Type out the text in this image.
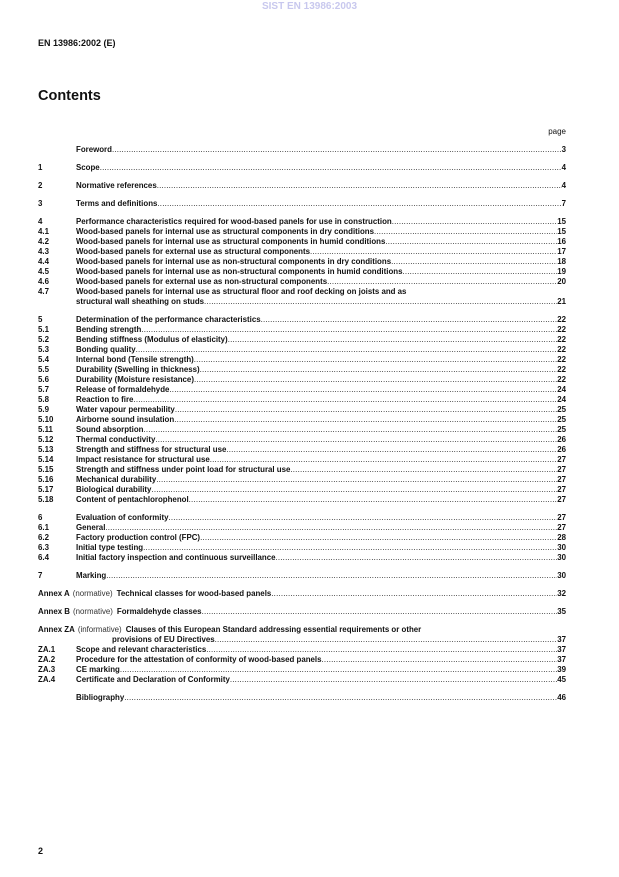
SIST EN 13986:2003
EN 13986:2002 (E)
Contents
page
Foreword .....	3
1	Scope .....	4
2	Normative references .....	4
3	Terms and definitions .....	7
4	Performance characteristics required for wood-based panels for use in construction .....	15
4.1	Wood-based panels for internal use as structural components in dry conditions .....	15
4.2	Wood-based panels for internal use as structural components in humid conditions .....	16
4.3	Wood-based panels for external use as structural components .....	17
4.4	Wood-based panels for internal use as non-structural components in dry conditions .....	18
4.5	Wood-based panels for internal use as non-structural components in humid conditions .....	19
4.6	Wood-based panels for external use as non-structural components .....	20
4.7	Wood-based panels for internal use as structural floor and roof decking on joists and as
structural wall sheathing on studs .....	21
5	Determination of the performance characteristics .....	22
5.1	Bending strength .....	22
5.2	Bending stiffness (Modulus of elasticity) .....	22
5.3	Bonding quality .....	22
5.4	Internal bond (Tensile strength) .....	22
5.5	Durability (Swelling in thickness) .....	22
5.6	Durability (Moisture resistance) .....	22
5.7	Release of formaldehyde .....	24
5.8	Reaction to fire .....	24
5.9	Water vapour permeability .....	25
5.10	Airborne sound insulation .....	25
5.11	Sound absorption .....	25
5.12	Thermal conductivity .....	26
5.13	Strength and stiffness for structural use .....	26
5.14	Impact resistance for structural use .....	27
5.15	Strength and stiffness under point load for structural use .....	27
5.16	Mechanical durability .....	27
5.17	Biological durability .....	27
5.18	Content of pentachlorophenol .....	27
6	Evaluation of conformity .....	27
6.1	General .....	27
6.2	Factory production control (FPC) .....	28
6.3	Initial type testing .....	30
6.4	Initial factory inspection and continuous surveillance .....	30
7	Marking .....	30
Annex A (normative) Technical classes for wood-based panels .....	32
Annex B (normative) Formaldehyde classes .....	35
Annex ZA (informative) Clauses of this European Standard addressing essential requirements or other
provisions of EU Directives .....	37
ZA.1	Scope and relevant characteristics .....	37
ZA.2	Procedure for the attestation of conformity of wood-based panels .....	37
ZA.3	CE marking .....	39
ZA.4	Certificate and Declaration of Conformity .....	45
Bibliography .....	46
2
